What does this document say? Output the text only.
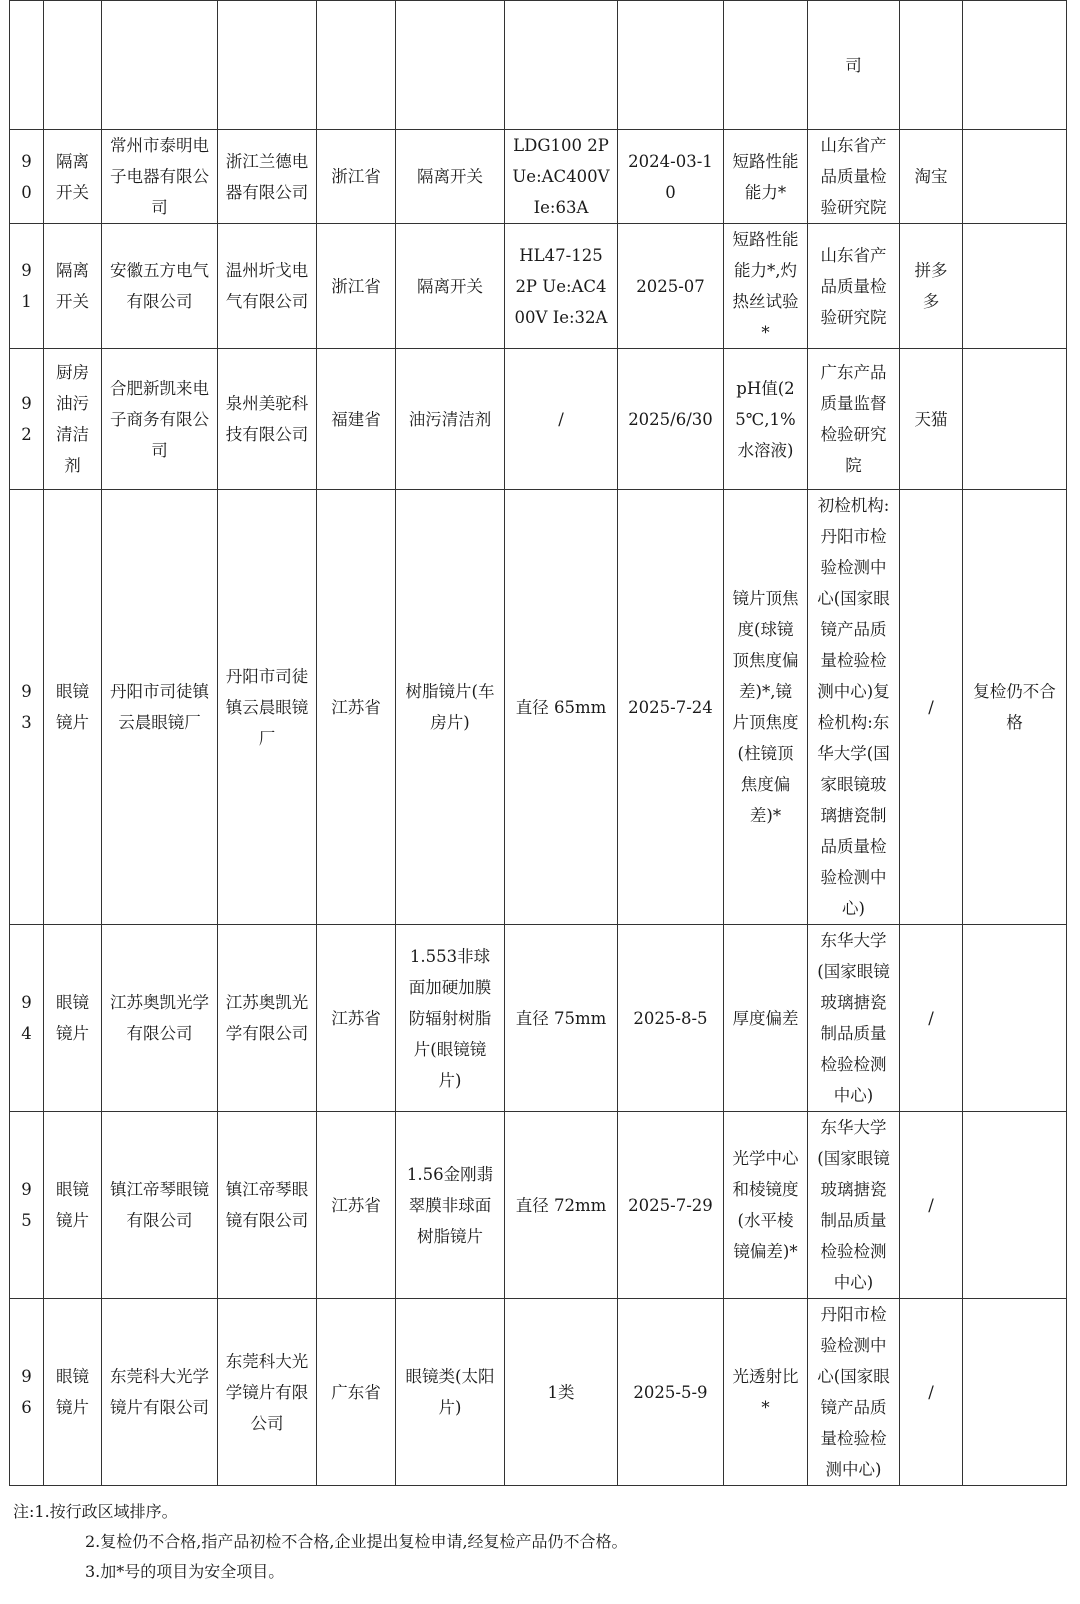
									司		
90	隔离开关	常州市泰明电子电器有限公司	浙江兰德电器有限公司	浙江省	隔离开关	LDG100 2P Ue:AC400V Ie:63A	2024-03-10	短路性能能力*	山东省产品质量检验研究院	淘宝	
91	隔离开关	安徽五方电气有限公司	温州圻戈电气有限公司	浙江省	隔离开关	HL47-125 2P Ue:AC400V Ie:32A	2025-07	短路性能能力*,灼热丝试验*	山东省产品质量检验研究院	拼多多	
92	厨房油污清洁剂	合肥新凯来电子商务有限公司	泉州美驼科技有限公司	福建省	油污清洁剂	/	2025/6/30	pH值(25℃,1%水溶液)	广东产品质量监督检验研究院	天猫	
93	眼镜镜片	丹阳市司徒镇云晨眼镜厂	丹阳市司徒镇云晨眼镜厂	江苏省	树脂镜片(车房片)	直径 65mm	2025-7-24	镜片顶焦度(球镜顶焦度偏差)*,镜片顶焦度(柱镜顶焦度偏差)*	初检机构:丹阳市检验检测中心(国家眼镜产品质量检验检测中心)复检机构:东华大学(国家眼镜玻璃搪瓷制品质量检验检测中心)	/	复检仍不合格
94	眼镜镜片	江苏奥凯光学有限公司	江苏奥凯光学有限公司	江苏省	1.553非球面加硬加膜防辐射树脂片(眼镜镜片)	直径 75mm	2025-8-5	厚度偏差	东华大学(国家眼镜玻璃搪瓷制品质量检验检测中心)	/	
95	眼镜镜片	镇江帝琴眼镜有限公司	镇江帝琴眼镜有限公司	江苏省	1.56金刚翡翠膜非球面树脂镜片	直径 72mm	2025-7-29	光学中心和棱镜度(水平棱镜偏差)*	东华大学(国家眼镜玻璃搪瓷制品质量检验检测中心)	/	
96	眼镜镜片	东莞科大光学镜片有限公司	东莞科大光学镜片有限公司	广东省	眼镜类(太阳片)	1类	2025-5-9	光透射比*	丹阳市检验检测中心(国家眼镜产品质量检验检测中心)	/	
注:1.按行政区域排序。
2.复检仍不合格,指产品初检不合格,企业提出复检申请,经复检产品仍不合格。
3.加*号的项目为安全项目。
